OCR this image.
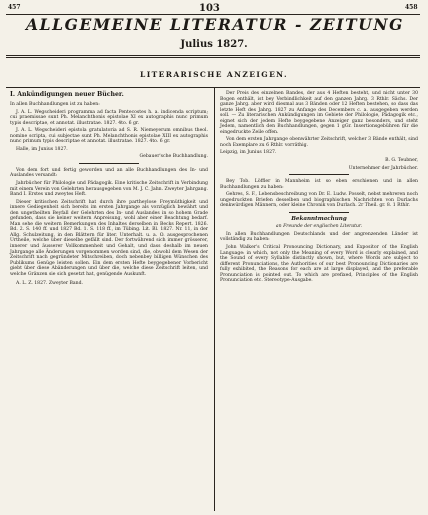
457	103	458
ALLGEMEINE LITERATUR - ZEITUNG
Julius 1827.
LITERARISCHE ANZEIGEN.
I. Ankündigungen neuer Bücher.

In allen Buchhandlungen ist zu haben:

J. A. L. Wegscheideri programma ad facta Pentecostes h. a. indicenda scriptum; cui praemissae sunt Ph. Melanchthonis epistolae XI ex autographis nunc primum typis descriptae, et annotat. illustratae. 1827. 4to. 6 gr.

J. A. L. Wegscheideri epistola gratulatoria ad S. R. Niemeyerum omnibus theol. nomine scripta, cui subjectae sunt Ph. Melanchthonis epistolae XIII ex autographis nunc primum typis descriptae et annotat. illustratae. 1827. 4to. 6 gr.

Halle, im Junius 1827.

Gebauer'sche Buchhandlung.

Von dem fort und fertig geworden und an alle Buchhandlungen des In- und Auslandes versandt:

Jahrbücher für Philologie und Pädagogik. Eine kritische Zeitschrift in Verbindung mit einem Verein von Gelehrten herausgegeben von M. J. C. Jahn. Zweyter Jahrgang. Band I. Erstes und zweytes Heft.

Dieser kritischen Zeitschrift hat durch ihre partheylose Freymüthigkeit und innere Gediegenheit sich bereits im ersten Jahrgange als vorzüglich bewährt und den ungetheilten Beyfall der Gelehrten des In- und Auslandes in so hohem Grade gefunden, dass sie keiner weitern Anpreisung, wohl aber einer Beachtung bedarf. Man sehe die weitern Bemerkungen des Inhaltes derselben in Becks Repert. 1826. Bd. 2. S. 140 ff. und 1827 Bd. 1. S. 118 ff., im Tübing. Lit. Bl. 1827. Nr. 11, in der Allg. Schulzeitung, in den Blättern für liter. Unterhalt. u. a. O. ausgesprochenen Urtheile, welche über dieselbe gefällt sind. Der fortwährend sich immer grösserer, innerer und äusserer Vollkommenheit und Gehalt, und dass deshalb im neuen Jahrgange alle Änderungen vorgenommen worden sind, die, obwohl dem Wesen der Zeitschrift nach gegründeter Mitschreiben, doch nebenbey billigen Wünschen des Publikums Genüge leisten sollen. Ein dem ersten Hefte beygegebener Vorbericht giebt über diese Abänderungen und über die, welche diese Zeitschrift leiten, und welche Gränzen sie sich gesetzt hat, genügende Auskunft.

A. L. Z. 1827. Zweyter Band.

Der Preis des einzelnen Bandes, der aus 4 Heften besteht, und nicht unter 30 Bogen enthält, ist bey Verbindlichkeit auf den ganzen Jahrg. 3 Rthlr. Sächs. Der ganze Jahrg. aber wird diesmal aus 3 Bänden oder 12 Heften bestehen, so dass das letzte Heft des Jahrg. 1827 zu Anfange des Decembers c. a. ausgegeben werden soll. — Zu literarischen Ankündigungen im Gebiete der Philologie, Pädagogik etc., eignet sich der jedem Hefte beygegebene Anzeiger ganz besonders, und steht Jedem, namentlich den Buchhandlungen, gegen 1 gGr. Insertionsgebühren für die eingedruckte Zeile offen.

Von dem ersten Jahrgange obenwährter Zeitschrift, welcher 3 Bände enthält, sind noch Exemplare zu 6 Rthlr. vorräthig.

Leipzig, im Junius 1827.

B. G. Teubner,

Unternehmer der Jahrbücher.

Bey Tob. Löffler in Mannheim ist so eben erschienen und in allen Buchhandlungen zu haben:

Gehres, S. F., Lebensbeschreibung von Dr. E. Ludw. Posselt, nebst mehreren noch ungedruckten Briefen desselben und biographischen Nachrichten von Durlachs denkwürdigen Männern, oder kleine Chronik von Durlach. 2r Theil. gr. 8. 1 Rthlr.

Bekanntmachung

an Freunde der englischen Literatur.

In allen Buchhandlungen Deutschlands und der angrenzenden Länder ist vollständig zu haben:

John Walker's Critical Pronouncing Dictionary, and Expositor of the English Language: in which, not only the Meaning of every Word is clearly explained, and the Sound of every Syllable distinctly shown, but, where Words are subject to different Pronunciations, the Authorities of our best Pronouncing Dictionaries are fully exhibited, the Reasons for each are at large displayed, and the preferable Pronunciation is pointed out. To which are prefixed, Principles of the English Pronunciation etc. Stereotype-Ausgabe.
